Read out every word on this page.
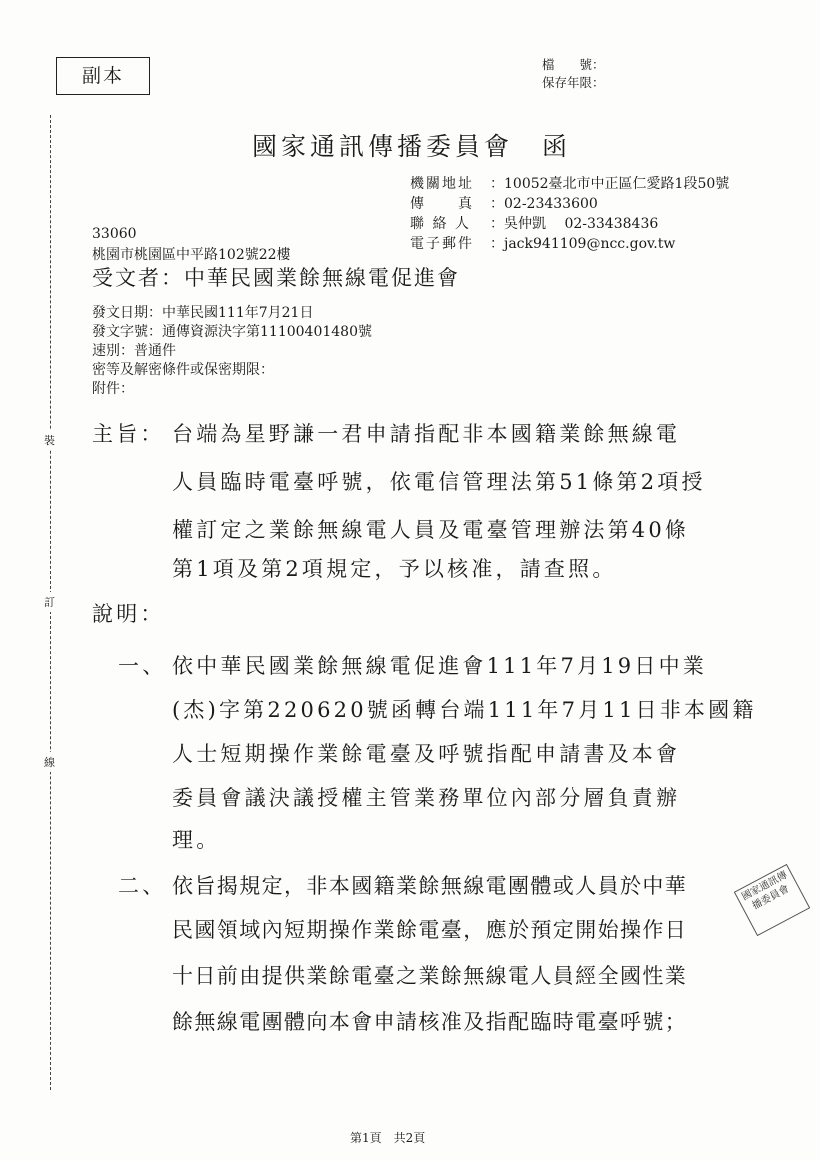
副本
檔　　號：
保存年限：
裝
訂
線
國家通訊傳播委員會　函
機關地址 ：10052臺北市中正區仁愛路1段50號
傳　　真 ：02-23433600
聯 絡 人 ：吳仲凱　 02-33438436
電子郵件 ：jack941109@ncc.gov.tw
33060
桃園市桃園區中平路102號22樓
受文者：中華民國業餘無線電促進會
發文日期：中華民國111年7月21日
發文字號：通傳資源決字第11100401480號
速別：普通件
密等及解密條件或保密期限：
附件：
主旨： 台端為星野謙一君申請指配非本國籍業餘無線電
人員臨時電臺呼號，依電信管理法第51條第2項授
權訂定之業餘無線電人員及電臺管理辦法第40條
第1項及第2項規定，予以核准，請查照。
說明：
一、 依中華民國業餘無線電促進會111年7月19日中業
(杰)字第220620號函轉台端111年7月11日非本國籍
人士短期操作業餘電臺及呼號指配申請書及本會
委員會議決議授權主管業務單位內部分層負責辦
理。
二、 依旨揭規定，非本國籍業餘無線電團體或人員於中華
民國領域內短期操作業餘電臺，應於預定開始操作日
十日前由提供業餘電臺之業餘無線電人員經全國性業
餘無線電團體向本會申請核准及指配臨時電臺呼號；
國家通訊傳播委員會
第1頁　共2頁
